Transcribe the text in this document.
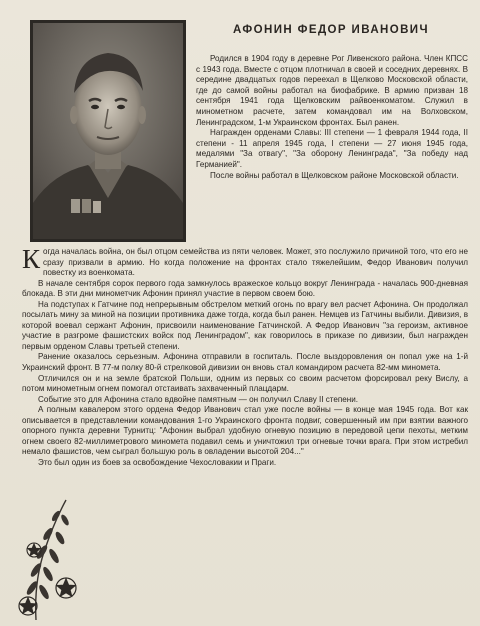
АФОНИН ФЕДОР ИВАНОВИЧ

Родился в 1904 году в деревне Рог Ливенского района. Член КПСС с 1943 года. Вместе с отцом плотничал в своей и соседних деревнях. В середине двадцатых годов переехал в Щелково Московской области, где до самой войны работал на биофабрике. В армию призван 18 сентября 1941 года Щелковским райвоенкоматом. Служил в минометном расчете, затем командовал им на Волховском, Ленинградском, 1-м Украинском фронтах. Был ранен.

Награжден орденами Славы: III степени — 1 февраля 1944 года, II степени - 11 апреля 1945 года, I степени — 27 июня 1945 года, медалями "За отвагу", "За оборону Ленинграда", "За победу над Германией".

После войны работал в Щелковском районе Московской области.

Когда началась война, он был отцом семейства из пяти человек. Может, это послужило причиной того, что его не сразу призвали в армию. Но когда положение на фронтах стало тяжелейшим, Федор Иванович получил повестку из военкомата.

В начале сентября сорок первого года замкнулось вражеское кольцо вокруг Ленинграда - началась 900-дневная блокада. В эти дни минометчик Афонин принял участие в первом своем бою.

На подступах к Гатчине под непрерывным обстрелом меткий огонь по врагу вел расчет Афонина. Он продолжал посылать мину за миной на позиции противника даже тогда, когда был ранен. Немцев из Гатчины выбили. Дивизия, в которой воевал сержант Афонин, присвоили наименование Гатчинской. А Федор Иванович "за героизм, активное участие в разгроме фашистских войск под Ленинградом", как говорилось в приказе по дивизии, был награжден первым орденом Славы третьей степени.

Ранение оказалось серьезным. Афонина отправили в госпиталь. После выздоровления он попал уже на 1-й Украинский фронт. В 77-м полку 80-й стрелковой дивизии он вновь стал командиром расчета 82-мм минометa.

Отличился он и на земле братской Польши, одним из первых со своим расчетом форсировал реку Вислу, а потом минометным огнем помогал отстаивать захваченный плацдарм.

Событие это для Афонина стало вдвойне памятным — он получил Славу II степени.

А полным кавалером этого ордена Федор Иванович стал уже после войны — в конце мая 1945 года. Вот как описывается в представлении командования 1-го Украинского фронта подвиг, совершенный им при взятии важного опорного пункта деревни Турнитц: "Афонин выбрал удобную огневую позицию в передовой цепи пехоты, метким огнем своего 82-миллиметрового миномета подавил семь и уничтожил три огневые точки врага. При этом истребил немало фашистов, чем сыграл большую роль в овладении высотой 204..."

Это был один из боев за освобождение Чехословакии и Праги.
